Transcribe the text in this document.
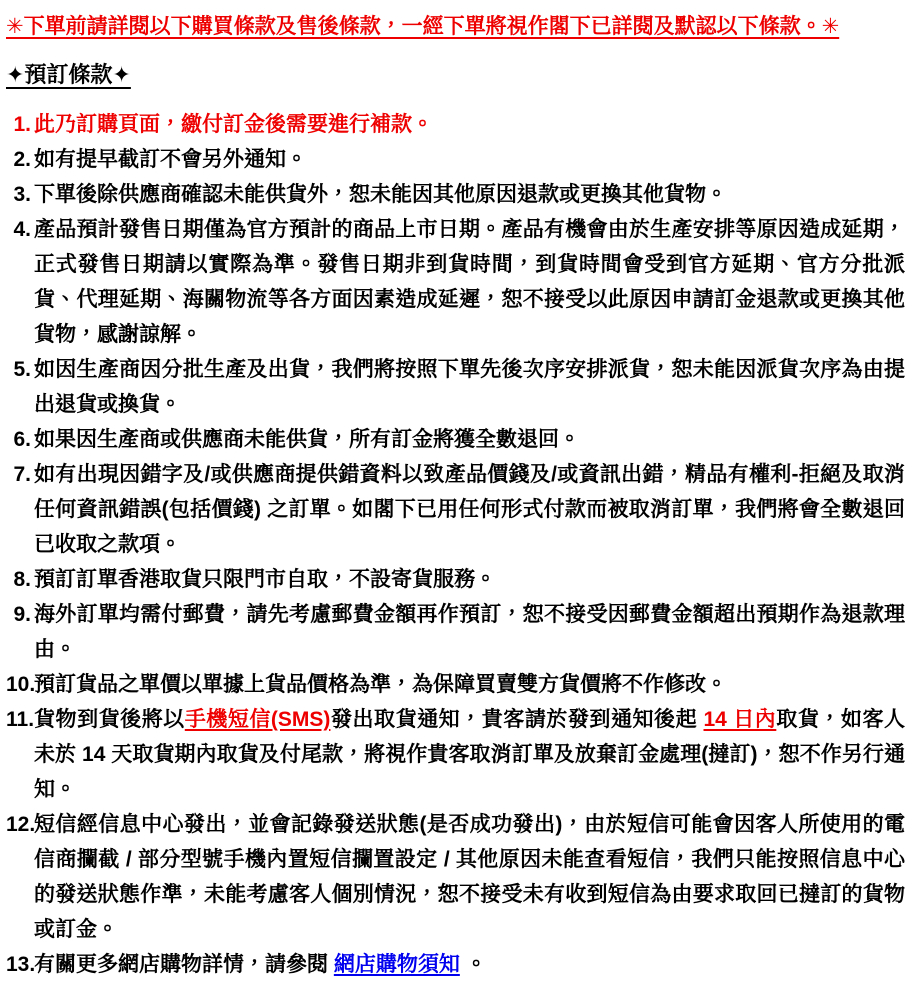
✳下單前請詳閱以下購買條款及售後條款，一經下單將視作閣下已詳閱及默認以下條款。✳
✦預訂條款✦
1. 此乃訂購頁面，繳付訂金後需要進行補款。
2. 如有提早截訂不會另外通知。
3. 下單後除供應商確認未能供貨外，恕未能因其他原因退款或更換其他貨物。
4. 產品預計發售日期僅為官方預計的商品上市日期。產品有機會由於生產安排等原因造成延期，正式發售日期請以實際為準。發售日期非到貨時間，到貨時間會受到官方延期、官方分批派貨、代理延期、海關物流等各方面因素造成延遲，恕不接受以此原因申請訂金退款或更換其他貨物，感謝諒解。
5. 如因生產商因分批生產及出貨，我們將按照下單先後次序安排派貨，恕未能因派貨次序為由提出退貨或換貨。
6. 如果因生產商或供應商未能供貨，所有訂金將獲全數退回。
7. 如有出現因錯字及/或供應商提供錯資料以致產品價錢及/或資訊出錯，精品有權利-拒絕及取消任何資訊錯誤(包括價錢) 之訂單。如閣下已用任何形式付款而被取消訂單，我們將會全數退回已收取之款項。
8. 預訂訂單香港取貨只限門市自取，不設寄貨服務。
9. 海外訂單均需付郵費，請先考慮郵費金額再作預訂，恕不接受因郵費金額超出預期作為退款理由。
10.
預訂貨品之單價以單據上貨品價格為準，為保障買賣雙方貨價將不作修改。
11. 貨物到貨後將以手機短信(SMS)發出取貨通知，貴客請於發到通知後起 14 日內取貨，如客人未於 14 天取貨期內取貨及付尾款，將視作貴客取消訂單及放棄訂金處理(撻訂)，恕不作另行通知。
12.
短信經信息中心發出，並會記錄發送狀態(是否成功發出)，由於短信可能會因客人所使用的電信商攔截 / 部分型號手機內置短信攔置設定 / 其他原因未能查看短信，我們只能按照信息中心的發送狀態作準，未能考慮客人個別情況，恕不接受未有收到短信為由要求取回已撻訂的貨物或訂金。
13.
有關更多網店購物詳情，請參閱 網店購物須知 。
